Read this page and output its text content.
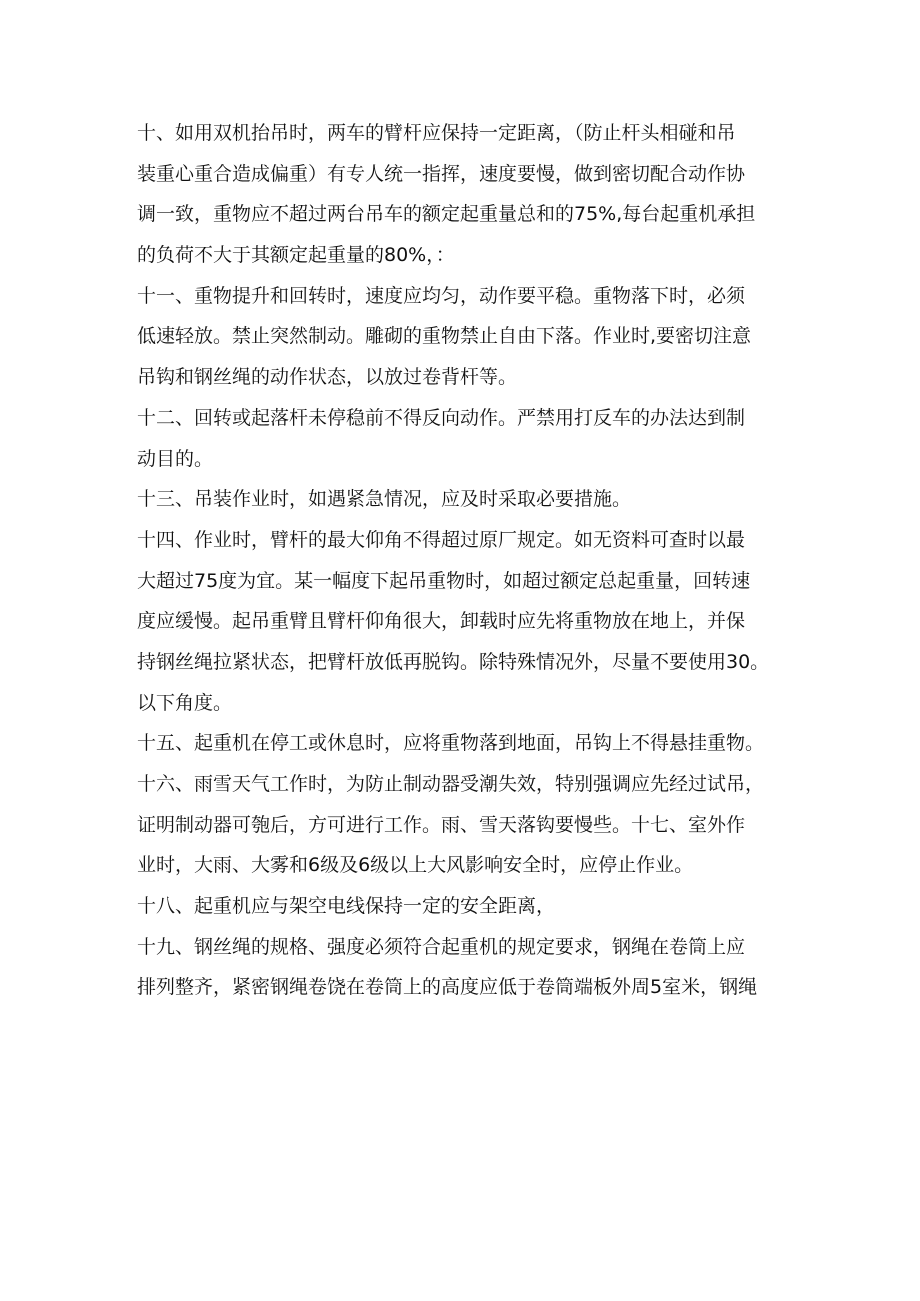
十、如用双机抬吊时，两车的臂杆应保持一定距离，（防止杆头相碰和吊
装重心重合造成偏重）有专人统一指挥，速度要慢，做到密切配合动作协
调一致，重物应不超过两台吊车的额定起重量总和的75%,每台起重机承担
的负荷不大于其额定起重量的80%，：
十一、重物提升和回转时，速度应均匀，动作要平稳。重物落下时，必须
低速轻放。禁止突然制动。雕砌的重物禁止自由下落。作业时,要密切注意
吊钩和钢丝绳的动作状态，以放过卷背杆等。
十二、回转或起落杆未停稳前不得反向动作。严禁用打反车的办法达到制
动目的。
十三、吊装作业时，如遇紧急情况，应及时采取必要措施。
十四、作业时，臂杆的最大仰角不得超过原厂规定。如无资料可查时以最
大超过75度为宜。某一幅度下起吊重物时，如超过额定总起重量，回转速
度应缓慢。起吊重臂且臂杆仰角很大，卸载时应先将重物放在地上，并保
持钢丝绳拉紧状态，把臂杆放低再脱钩。除特殊情况外，尽量不要使用30。
以下角度。
十五、起重机在停工或休息时，应将重物落到地面，吊钩上不得悬挂重物。
十六、雨雪天气工作时，为防止制动器受潮失效，特别强调应先经过试吊，
证明制动器可匏后，方可进行工作。雨、雪天落钩要慢些。十七、室外作
业时，大雨、大雾和6级及6级以上大风影响安全时，应停止作业。
十八、起重机应与架空电线保持一定的安全距离，
十九、钢丝绳的规格、强度必须符合起重机的规定要求，钢绳在卷筒上应
排列整齐，紧密钢绳卷饶在卷筒上的高度应低于卷筒端板外周5室米，钢绳
